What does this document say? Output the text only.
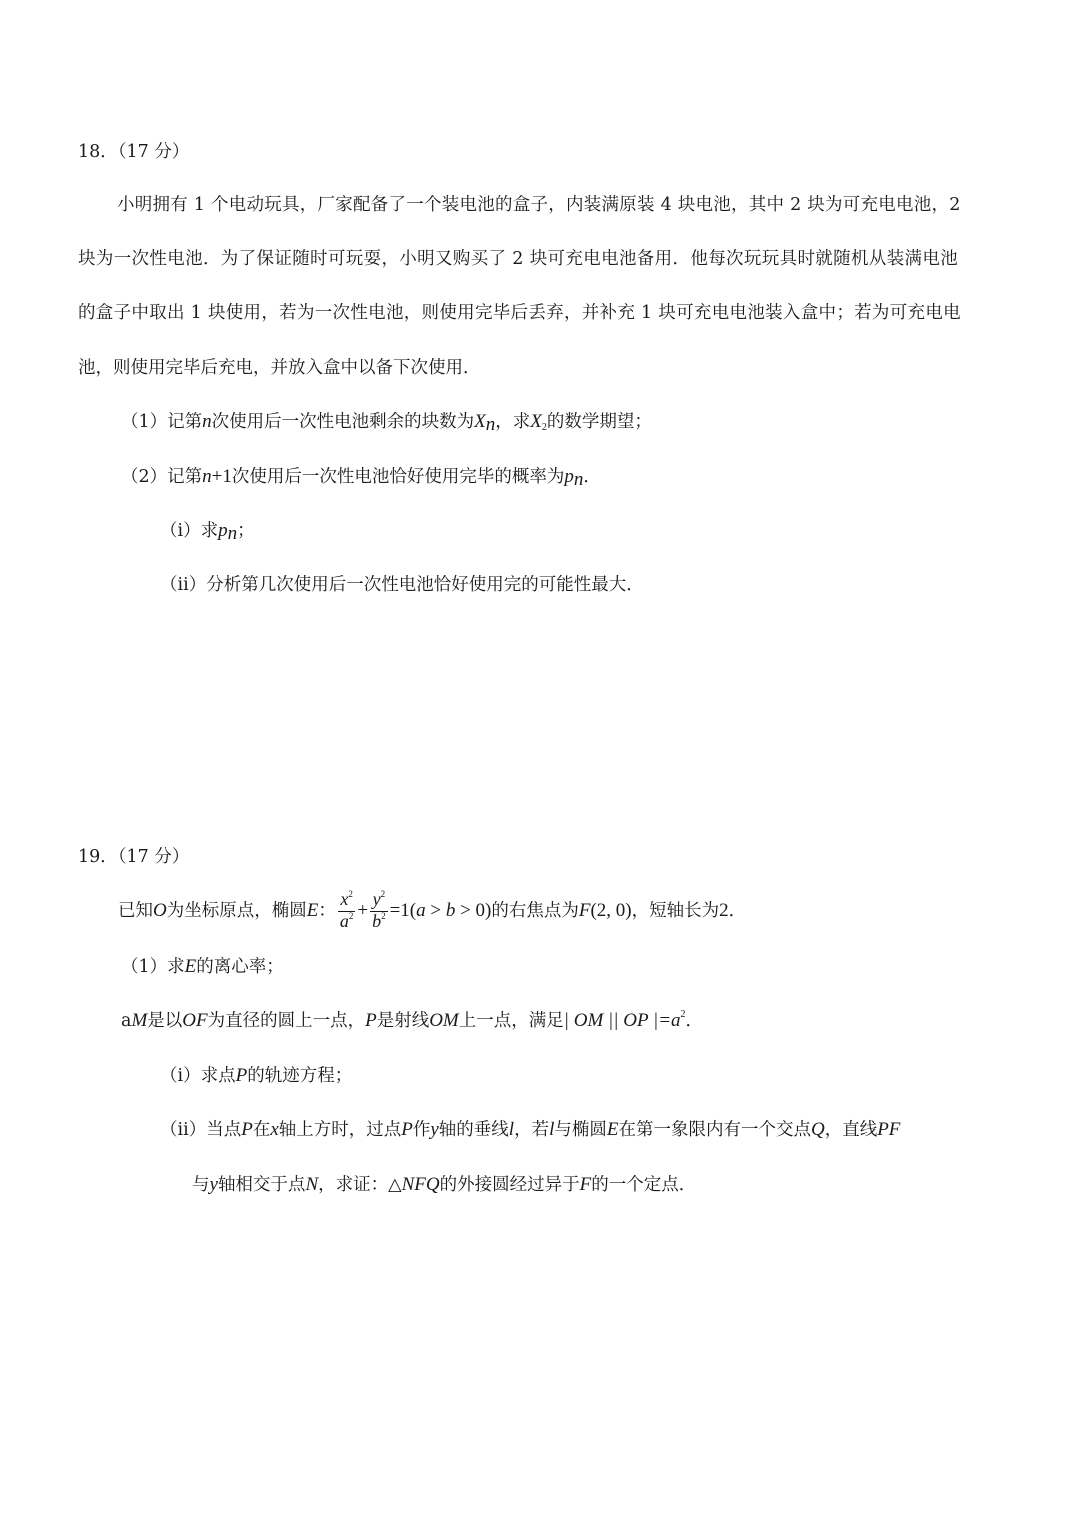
18．（17 分）
小明拥有 1 个电动玩具，厂家配备了一个装电池的盒子，内装满原装 4 块电池，其中 2 块为可充电电池，2
块为一次性电池．为了保证随时可玩耍，小明又购买了 2 块可充电电池备用．他每次玩玩具时就随机从装满电池
的盒子中取出 1 块使用，若为一次性电池，则使用完毕后丢弃，并补充 1 块可充电电池装入盒中；若为可充电电
池，则使用完毕后充电，并放入盒中以备下次使用．
（1）记第n次使用后一次性电池剩余的块数为$X_n$，求$X_2$的数学期望；
（2）记第n+1次使用后一次性电池恰好使用完毕的概率为$p_n$．
（i）求$p_n$；
（ii）分析第几次使用后一次性电池恰好使用完的可能性最大．
19．（17 分）
已知O为坐标原点，椭圆E： $\frac{x^2}{a^2} + \frac{y^2}{b^2} =1(a > b > 0)$的右焦点为F(2, 0)，短轴长为2．
（1）求E的离心率；
aM是以OF为直径的圆上一点，P是射线OM上一点，满足| OM || OP $|=a^2$．
（i）求点P的轨迹方程；
（ii）当点P在x轴上方时，过点P作y轴的垂线l，若l与椭圆E在第一象限内有一个交点Q，直线PF
与y轴相交于点N，求证：△NFQ的外接圆经过异于F的一个定点．
